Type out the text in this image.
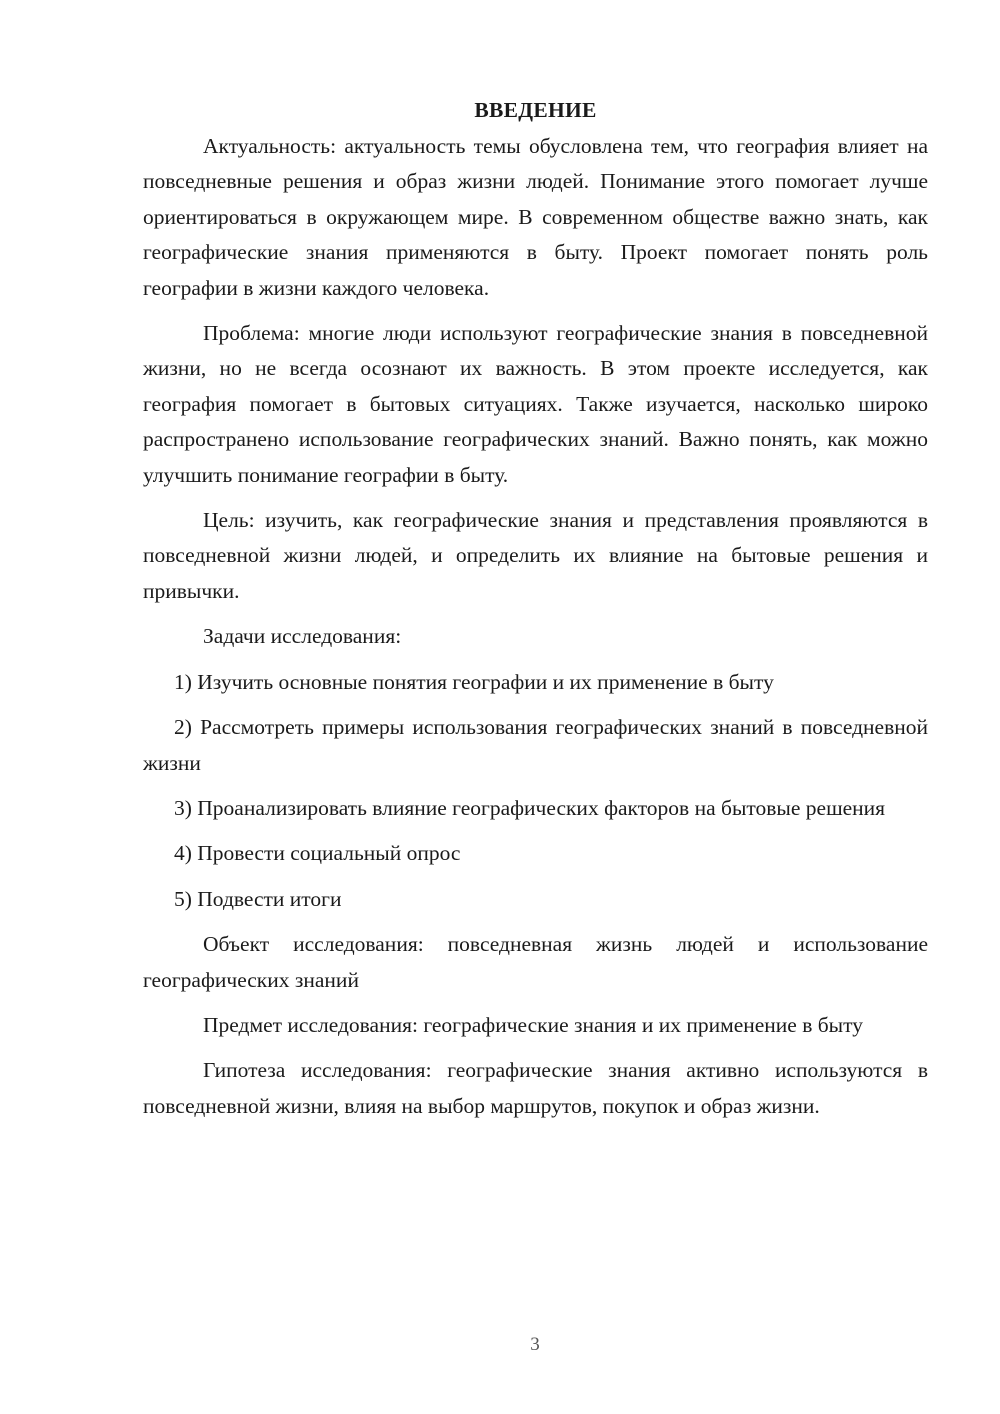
ВВЕДЕНИЕ

Актуальность: актуальность темы обусловлена тем, что география влияет на повседневные решения и образ жизни людей. Понимание этого помогает лучше ориентироваться в окружающем мире. В современном обществе важно знать, как географические знания применяются в быту. Проект помогает понять роль географии в жизни каждого человека.

Проблема: многие люди используют географические знания в повседневной жизни, но не всегда осознают их важность. В этом проекте исследуется, как география помогает в бытовых ситуациях. Также изучается, насколько широко распространено использование географических знаний. Важно понять, как можно улучшить понимание географии в быту.

Цель: изучить, как географические знания и представления проявляются в повседневной жизни людей, и определить их влияние на бытовые решения и привычки.

Задачи исследования:

1) Изучить основные понятия географии и их применение в быту

2) Рассмотреть примеры использования географических знаний в повседневной жизни

3) Проанализировать влияние географических факторов на бытовые решения

4) Провести социальный опрос

5) Подвести итоги

Объект исследования: повседневная жизнь людей и использование географических знаний

Предмет исследования: географические знания и их применение в быту

Гипотеза исследования: географические знания активно используются в повседневной жизни, влияя на выбор маршрутов, покупок и образ жизни.

3
